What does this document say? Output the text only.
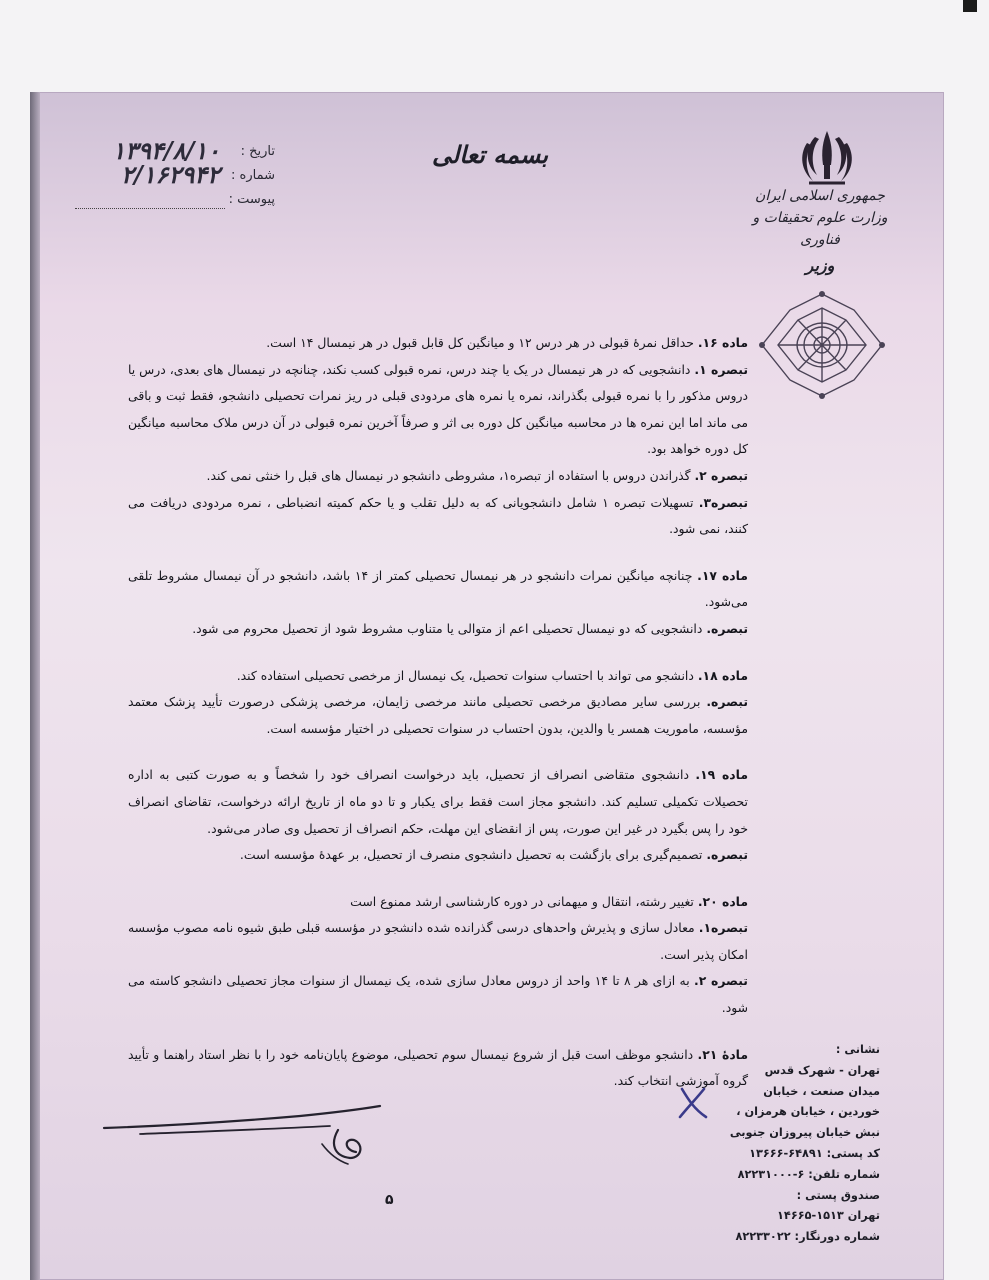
جمهوری اسلامی ایران
وزارت علوم تحقیقات و فناوری
وزیر
بسمه تعالی
تاریخ :
۱۳۹۴/۸/۱۰
شماره :
۲/۱۶۲۹۴۲
پیوست :

ماده ۱۶. حداقل نمرۀ قبولی در هر درس ۱۲ و میانگین کل قابل قبول در هر نیمسال ۱۴ است.

تبصره ۱. دانشجویی که در هر نیمسال در یک یا چند درس، نمره قبولی کسب نکند، چنانچه در نیمسال های بعدی، درس یا دروس مذکور را با نمره قبولی بگذراند، نمره یا نمره های مردودی قبلی در ریز نمرات تحصیلی دانشجو، فقط ثبت و باقی می ماند اما این نمره ها در محاسبه میانگین کل دوره بی اثر و صرفاً آخرین نمره قبولی در آن درس ملاک محاسبه میانگین کل دوره خواهد بود.

تبصره ۲. گذراندن دروس با استفاده از تبصره۱، مشروطی دانشجو در نیمسال های قبل را خنثی نمی کند.

تبصره۳. تسهیلات تبصره ۱ شامل دانشجویانی که به دلیل تقلب و یا حکم کمیته انضباطی ، نمره مردودی دریافت می کنند، نمی شود.

ماده ۱۷. چنانچه میانگین نمرات دانشجو در هر نیمسال تحصیلی کمتر از ۱۴ باشد، دانشجو در آن نیمسال مشروط تلقی می‌شود.

تبصره. دانشجویی که دو نیمسال تحصیلی اعم از متوالی یا متناوب مشروط شود از تحصیل محروم می شود.

ماده ۱۸. دانشجو می تواند با احتساب سنوات تحصیل، یک نیمسال از مرخصی تحصیلی استفاده کند.

تبصره. بررسی سایر مصادیق مرخصی تحصیلی مانند مرخصی زایمان، مرخصی پزشکی درصورت تأیید پزشک معتمد مؤسسه، ماموریت همسر یا والدین، بدون احتساب در سنوات تحصیلی در اختیار مؤسسه است.

ماده ۱۹. دانشجوی متقاضی انصراف از تحصیل، باید درخواست انصراف خود را شخصاً و به صورت کتبی به اداره تحصیلات تکمیلی تسلیم کند. دانشجو مجاز است فقط برای یکبار و تا دو ماه از تاریخ ارائه درخواست، تقاضای انصراف خود را پس بگیرد در غیر این صورت، پس از انقضای این مهلت، حکم انصراف از تحصیل وی صادر می‌شود.

تبصره. تصمیم‌گیری برای بازگشت به تحصیل دانشجوی منصرف از تحصیل، بر عهدۀ مؤسسه است.

ماده ۲۰. تغییر رشته، انتقال و میهمانی در دوره کارشناسی ارشد ممنوع است

تبصره۱. معادل سازی و پذیرش واحدهای درسی گذرانده شده دانشجو در مؤسسه قبلی طبق شیوه نامه مصوب مؤسسه امکان پذیر است.

تبصره ۲. به ازای هر ۸ تا ۱۴ واحد از دروس معادل سازی شده، یک نیمسال از سنوات مجاز تحصیلی دانشجو کاسته می شود.

مادۀ ۲۱. دانشجو موظف است قبل از شروع نیمسال سوم تحصیلی، موضوع پایان‌نامه خود را با نظر استاد راهنما و تأیید گروه آموزشی انتخاب کند.

۵

نشانی :

تهران - شهرک قدس

میدان صنعت ، خیابان

خوردین ، خیابان هرمزان ،

نبش خیابان پیروزان جنوبی

کد پستی: ۶۴۸۹۱-۱۳۶۶۶

شماره تلفن: ۶-۸۲۲۳۱۰۰۰

صندوق پستی :

تهران ۱۵۱۳-۱۴۶۶۵

شماره دورنگار: ۸۲۲۳۳۰۲۲
